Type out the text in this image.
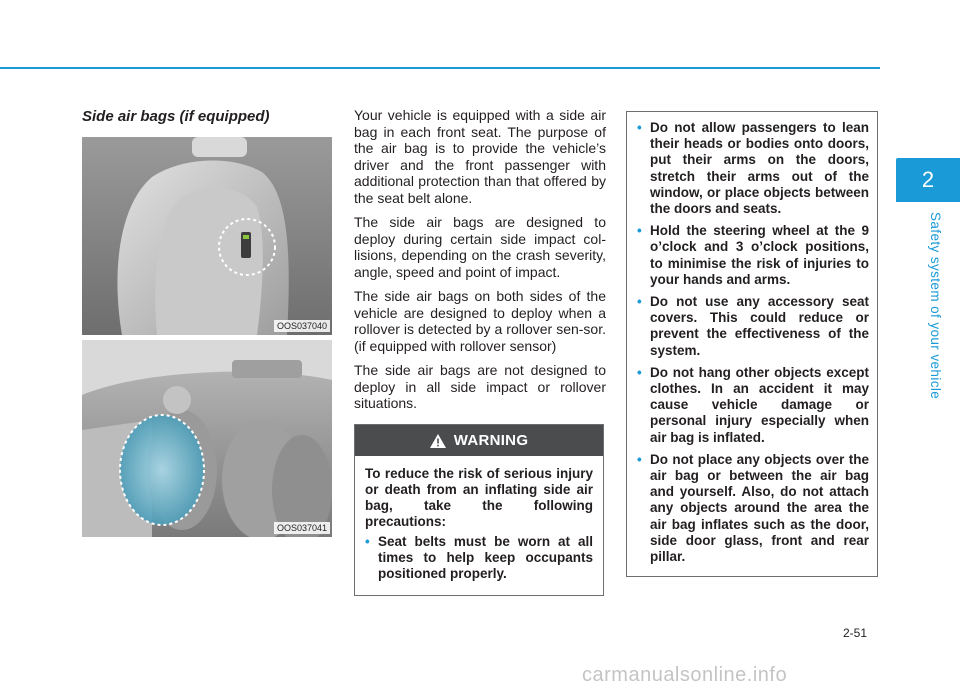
Side air bags (if equipped)
OOS037040
OOS037041

Your vehicle is equipped with a side air bag in each front seat. The purpose of the air bag is to provide the vehicle’s driver and the front passenger with additional protection than that offered by the seat belt alone.

The side air bags are designed to deploy during certain side impact col-lisions, depending on the crash severity, angle, speed and point of impact.

The side air bags on both sides of the vehicle are designed to deploy when a rollover is detected by a rollover sen-sor. (if equipped with rollover sensor)

The side air bags are not designed to deploy in all side impact or rollover situations.

WARNING

To reduce the risk of serious injury or death from an inflating side air bag, take the following precautions:

• Seat belts must be worn at all times to help keep occupants positioned properly.
• Do not allow passengers to lean their heads or bodies onto doors, put their arms on the doors, stretch their arms out of the window, or place objects between the doors and seats.
• Hold the steering wheel at the 9 o’clock and 3 o’clock positions, to minimise the risk of injuries to your hands and arms.
• Do not use any accessory seat covers. This could reduce or prevent the effectiveness of the system.
• Do not hang other objects except clothes. In an accident it may cause vehicle damage or personal injury especially when air bag is inflated.
• Do not place any objects over the air bag or between the air bag and yourself. Also, do not attach any objects around the area the air bag inflates such as the door, side door glass, front and rear pillar.
2
Safety system of your vehicle
2-51
carmanualsonline.info
